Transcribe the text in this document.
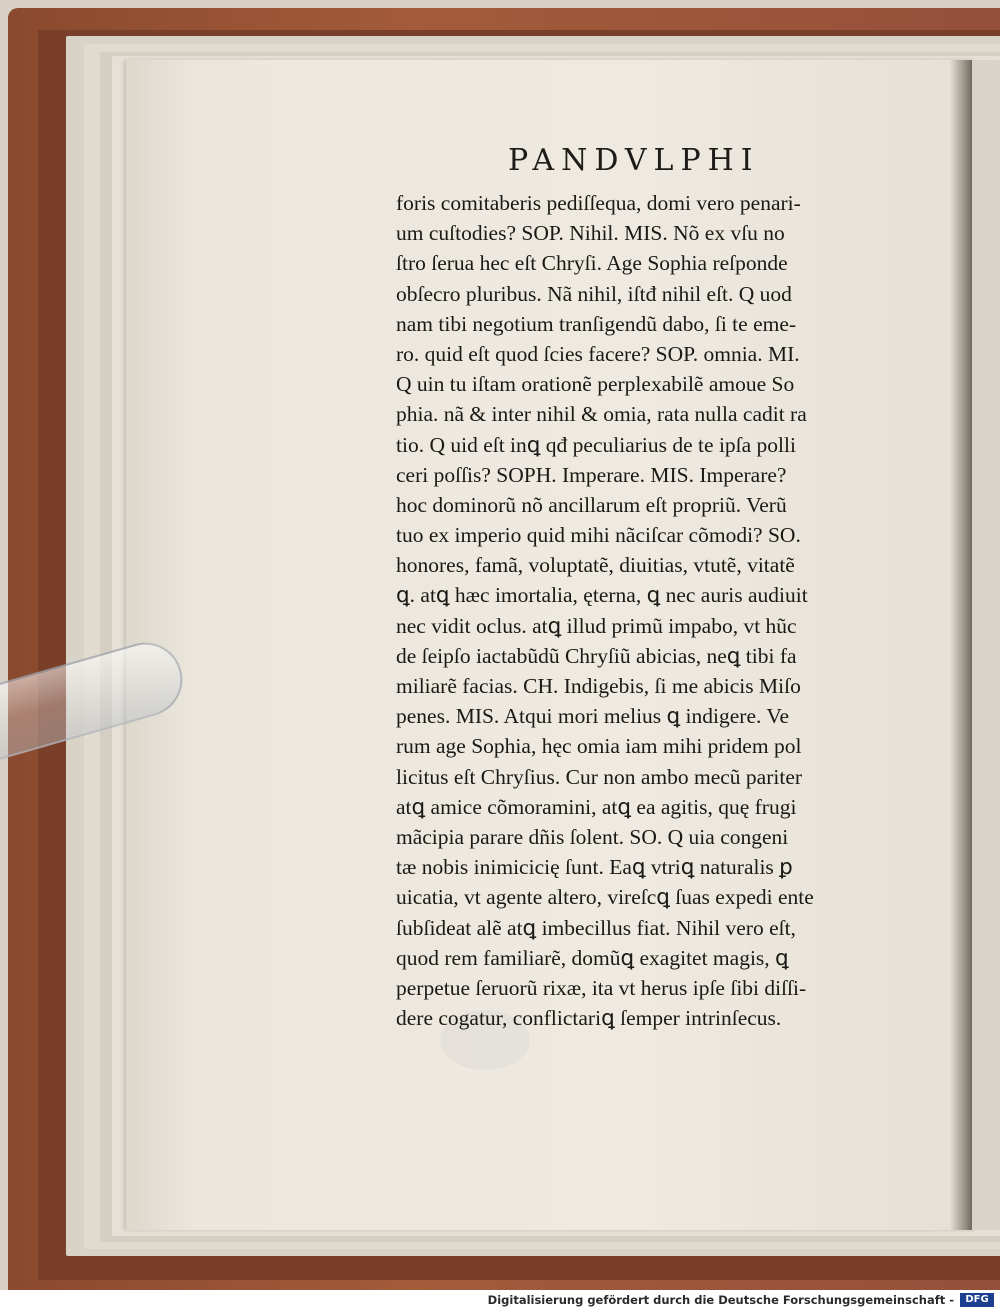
PANDVLPHI
foris comitaberis pediſſequa, domi vero penari-
um cuſtodies? SOP. Nihil. MIS. Nõ ex vſu no
ſtro ſerua hec eſt Chryſi. Age Sophia reſponde
obſecro pluribus. Nã nihil, iſtđ nihil eſt. Q uod
nam tibi negotium tranſigendũ dabo, ſi te eme-
ro. quid eſt quod ſcies facere? SOP. omnia. MI.
Q uin tu iſtam orationẽ perplexabilẽ amoue So
phia. nã & inter nihil & omia, rata nulla cadit ra
tio. Q uid eſt inꝗ qđ peculiarius de te ipſa polli
ceri poſſis? SOPH. Imperare. MIS. Imperare?
hoc dominorũ nõ ancillarum eſt propriũ. Verũ
tuo ex imperio quid mihi nãciſcar cõmodi? SO.
honores, famã, voluptatẽ, diuitias, vtutẽ, vitatẽ
ꝗ. atꝗ hæc imortalia, ęterna, ꝗ nec auris audiuit
nec vidit oclus. atꝗ illud primũ impabo, vt hũc
de ſeipſo iactabũdũ Chryſiũ abicias, neꝗ tibi fa
miliarẽ facias. CH. Indigebis, ſi me abicis Miſo
penes. MIS. Atqui mori melius ꝗ indigere. Ve
rum age Sophia, hęc omia iam mihi pridem pol
licitus eſt Chryſius. Cur non ambo mecũ pariter
atꝗ amice cõmoramini, atꝗ ea agitis, quę frugi
mãcipia parare dñis ſolent. SO. Q uia congeni
tæ nobis inimicicię ſunt. Eaꝗ vtriꝗ naturalis ꝑ
uicatia, vt agente altero, vireſcꝗ ſuas expedi ente
ſubſideat alẽ atꝗ imbecillus fiat. Nihil vero eſt,
quod rem familiarẽ, domũꝗ exagitet magis, ꝗ
perpetue ſeruorũ rixæ, ita vt herus ipſe ſibi diſſi-
dere cogatur, conflictariꝗ ſemper intrinſecus.
Digitalisierung gefördert durch die Deutsche Forschungsgemeinschaft -	DFG
